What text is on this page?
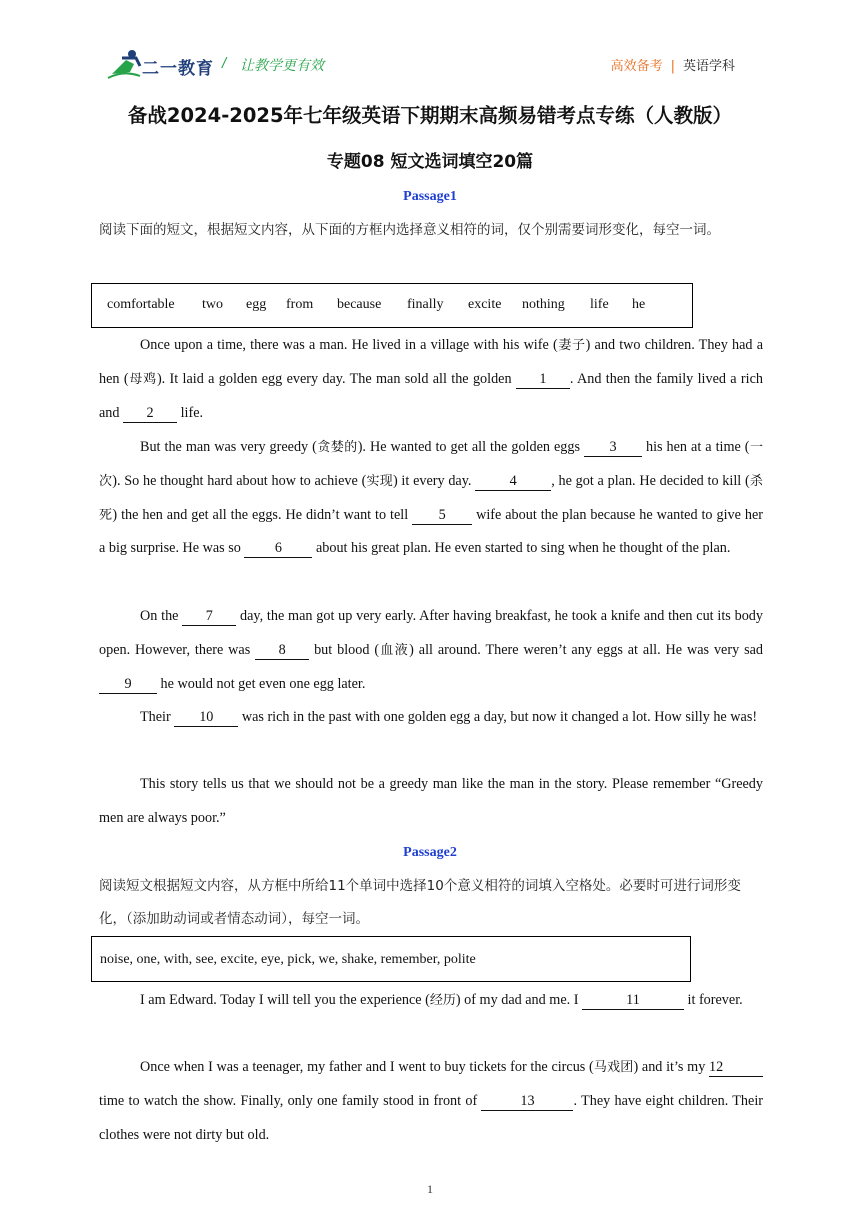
二一教育 / 让教学更有效	高效备考 | 英语学科
备战2024-2025年七年级英语下期期末高频易错考点专练（人教版）
专题08 短文选词填空20篇
Passage1
阅读下面的短文，根据短文内容，从下面的方框内选择意义相符的词，仅个别需要词形变化，每空一词。
comfortable two egg from because finally excite nothing life he
Once upon a time, there was a man. He lived in a village with his wife (妻子) and two children. They had a hen (母鸡). It laid a golden egg every day. The man sold all the golden 1 . And then the family lived a rich and 2 life.
But the man was very greedy (贪婪的). He wanted to get all the golden eggs 3 his hen at a time (一次). So he thought hard about how to achieve (实现) it every day. 4 , he got a plan. He decided to kill (杀死) the hen and get all the eggs. He didn’t want to tell 5 wife about the plan because he wanted to give her a big surprise. He was so 6 about his great plan. He even started to sing when he thought of the plan.
On the 7 day, the man got up very early. After having breakfast, he took a knife and then cut its body open. However, there was 8 but blood (血液) all around. There weren’t any eggs at all. He was very sad 9 he would not get even one egg later.
Their 10 was rich in the past with one golden egg a day, but now it changed a lot. How silly he was!
This story tells us that we should not be a greedy man like the man in the story. Please remember “Greedy men are always poor.”
Passage2
阅读短文根据短文内容，从方框中所给11个单词中选择10个意义相符的词填入空格处。必要时可进行词形变化，（添加助动词或者情态动词），每空一词。
noise, one, with, see, excite, eye, pick, we, shake, remember, polite
I am Edward. Today I will tell you the experience (经历) of my dad and me. I	11	it forever.
Once when I was a teenager, my father and I went to buy tickets for the circus (马戏团) and it’s my 12 time to watch the show. Finally, only one family stood in front of	13	. They have eight children. Their clothes were not dirty but old.
1
